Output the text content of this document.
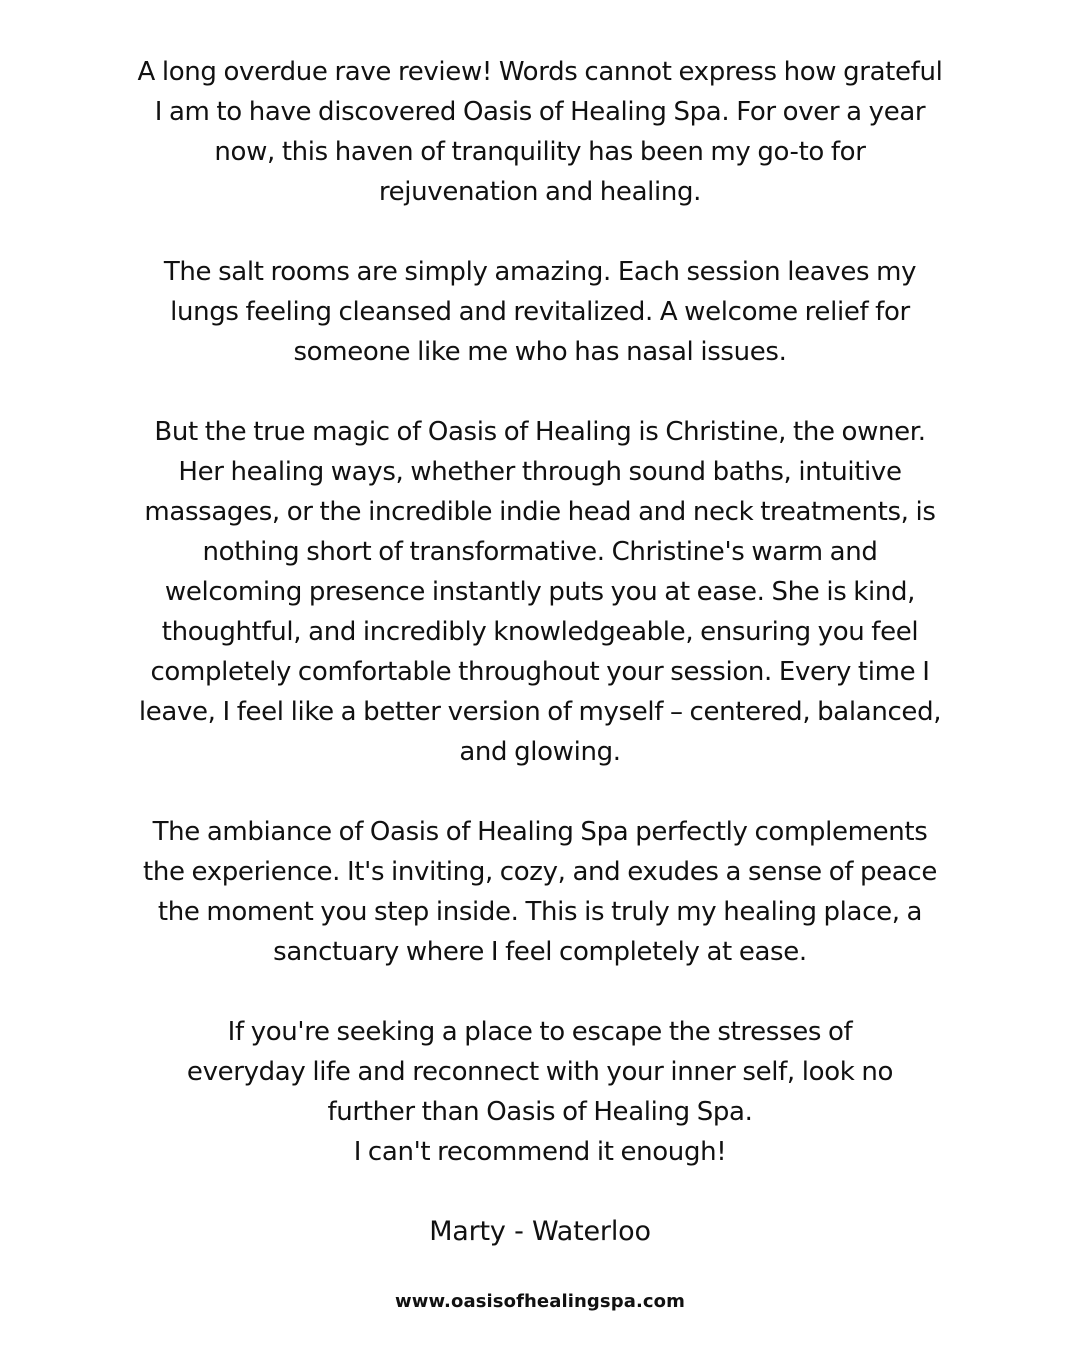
A long overdue rave review! Words cannot express how grateful
I am to have discovered Oasis of Healing Spa. For over a year
now, this haven of tranquility has been my go-to for
rejuvenation and healing.

The salt rooms are simply amazing. Each session leaves my
lungs feeling cleansed and revitalized. A welcome relief for
someone like me who has nasal issues.

But the true magic of Oasis of Healing is Christine, the owner.
Her healing ways, whether through sound baths, intuitive
massages, or the incredible indie head and neck treatments, is
nothing short of transformative. Christine's warm and
welcoming presence instantly puts you at ease. She is kind,
thoughtful, and incredibly knowledgeable, ensuring you feel
completely comfortable throughout your session. Every time I
leave, I feel like a better version of myself – centered, balanced,
and glowing.

The ambiance of Oasis of Healing Spa perfectly complements
the experience. It's inviting, cozy, and exudes a sense of peace
the moment you step inside. This is truly my healing place, a
sanctuary where I feel completely at ease.

If you're seeking a place to escape the stresses of
everyday life and reconnect with your inner self, look no
further than Oasis of Healing Spa.
I can't recommend it enough!

Marty - Waterloo

www.oasisofhealingspa.com
